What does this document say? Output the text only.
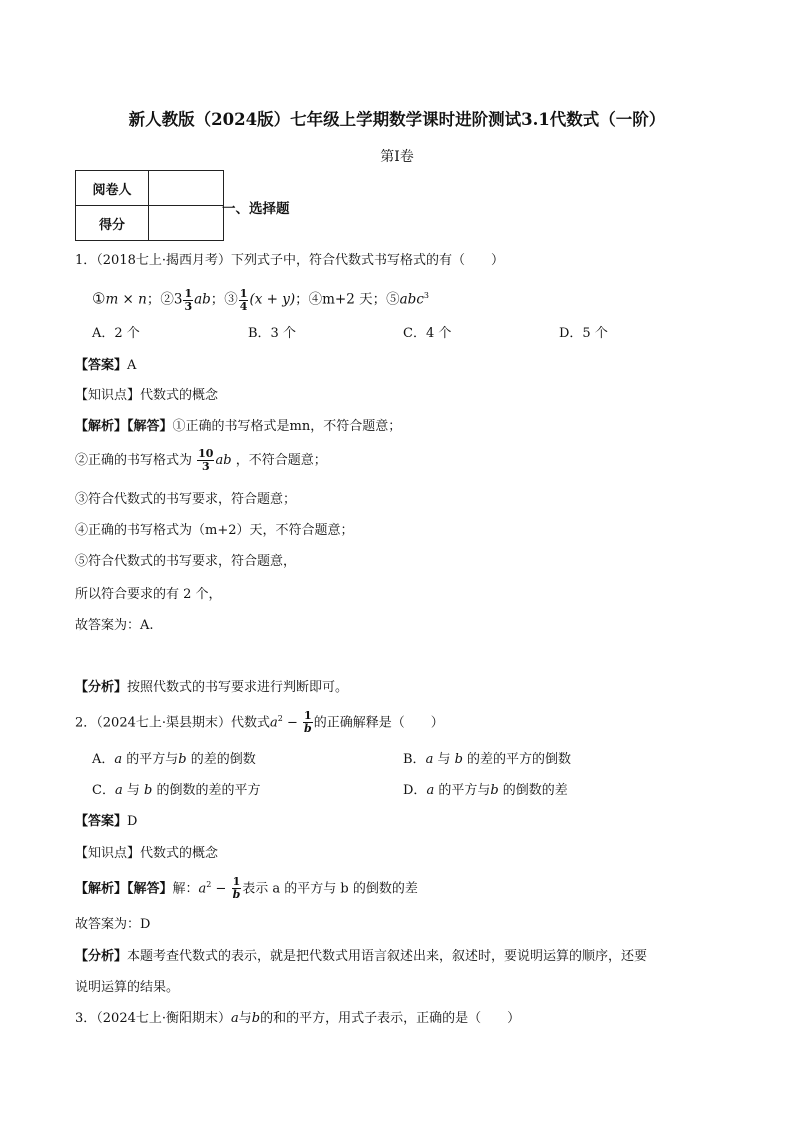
新人教版（2024版）七年级上学期数学课时进阶测试3.1代数式（一阶）
第Ⅰ卷
阅卷人	
得分	
一、选择题
1．（2018七上·揭西月考）下列式子中，符合代数式书写格式的有（　　）
①m × n；②3 $\frac{1}{3}$ ab；③ $\frac{1}{4} (x + y)$；④m+2 天；⑤abc$^3$
A．2 个	B．3 个	C．4 个	D．5 个
【答案】A
【知识点】代数式的概念
【解析】【解答】①正确的书写格式是mn，不符合题意；
②正确的书写格式为 $\frac{10}{3}$ ab ，不符合题意；
③符合代数式的书写要求，符合题意；
④正确的书写格式为（m+2）天，不符合题意；
⑤符合代数式的书写要求，符合题意，
所以符合要求的有 2 个，
故答案为：A.
【分析】按照代数式的书写要求进行判断即可。
2．（2024七上·渠县期末）代数式$a^2 - \frac{1}{b}$ 的正确解释是（　　）
A．a 的平方与b 的差的倒数	B．a 与 b 的差的平方的倒数
C．a 与 b 的倒数的差的平方	D．a 的平方与b 的倒数的差
【答案】D
【知识点】代数式的概念
【解析】【解答】解：$a^2 - \frac{1}{b}$ 表示 a 的平方与 b 的倒数的差
故答案为：D
【分析】本题考查代数式的表示，就是把代数式用语言叙述出来，叙述时，要说明运算的顺序，还要
说明运算的结果。
3．（2024七上·衡阳期末）a与b的和的平方，用式子表示，正确的是（　　）
